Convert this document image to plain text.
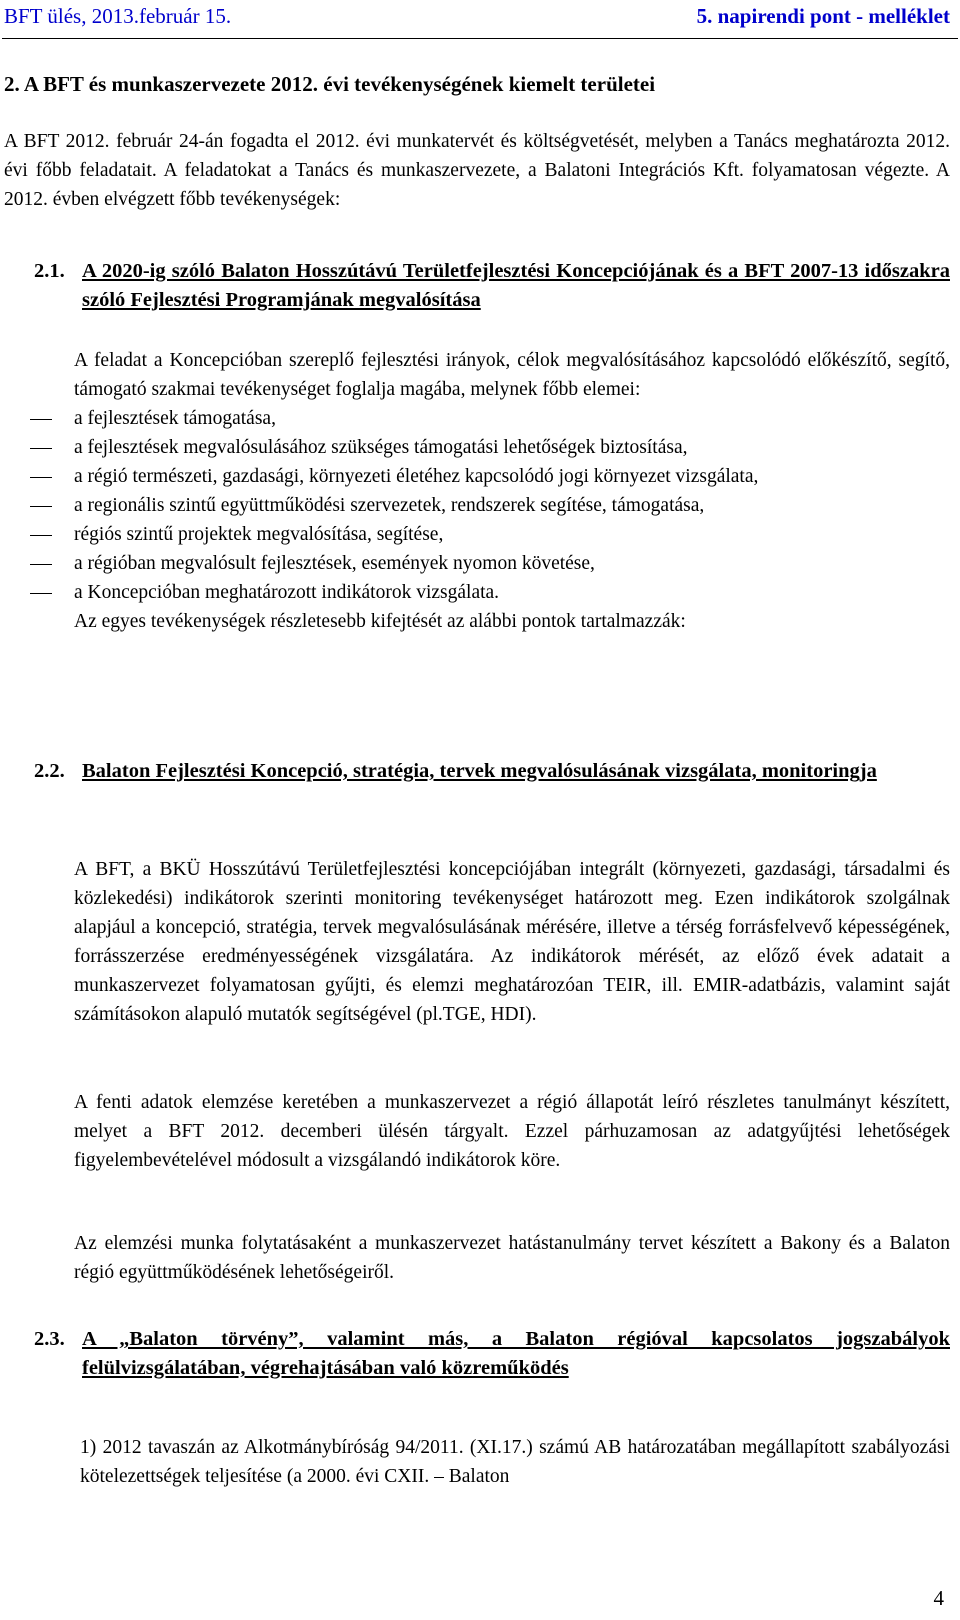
BFT ülés, 2013.február 15.	5. napirendi pont - melléklet
2. A BFT és munkaszervezete 2012. évi tevékenységének kiemelt területei
A BFT 2012. február 24-án fogadta el 2012. évi munkatervét és költségvetését, melyben a Tanács meghatározta 2012. évi főbb feladatait. A feladatokat a Tanács és munkaszervezete, a Balatoni Integrációs Kft. folyamatosan végezte. A 2012. évben elvégzett főbb tevékenységek:
2.1. A 2020-ig szóló Balaton Hosszútávú Területfejlesztési Koncepciójának és a BFT 2007-13 időszakra szóló Fejlesztési Programjának megvalósítása
A feladat a Koncepcióban szereplő fejlesztési irányok, célok megvalósításához kapcsolódó előkészítő, segítő, támogató szakmai tevékenységet foglalja magába, melynek főbb elemei:
a fejlesztések támogatása,
a fejlesztések megvalósulásához szükséges támogatási lehetőségek biztosítása,
a régió természeti, gazdasági, környezeti életéhez kapcsolódó jogi környezet vizsgálata,
a regionális szintű együttműködési szervezetek, rendszerek segítése, támogatása,
régiós szintű projektek megvalósítása, segítése,
a régióban megvalósult fejlesztések, események nyomon követése,
a Koncepcióban meghatározott indikátorok vizsgálata.
Az egyes tevékenységek részletesebb kifejtését az alábbi pontok tartalmazzák:
2.2. Balaton Fejlesztési Koncepció, stratégia, tervek megvalósulásának vizsgálata, monitoringja
A BFT, a BKÜ Hosszútávú Területfejlesztési koncepciójában integrált (környezeti, gazdasági, társadalmi és közlekedési) indikátorok szerinti monitoring tevékenységet határozott meg. Ezen indikátorok szolgálnak alapjául a koncepció, stratégia, tervek megvalósulásának mérésére, illetve a térség forrásfelvevő képességének, forrásszerzése eredményességének vizsgálatára. Az indikátorok mérését, az előző évek adatait a munkaszervezet folyamatosan gyűjti, és elemzi meghatározóan TEIR, ill. EMIR-adatbázis, valamint saját számításokon alapuló mutatók segítségével (pl.TGE, HDI).
A fenti adatok elemzése keretében a munkaszervezet a régió állapotát leíró részletes tanulmányt készített, melyet a BFT 2012. decemberi ülésén tárgyalt. Ezzel párhuzamosan az adatgyűjtési lehetőségek figyelembevételével módosult a vizsgálandó indikátorok köre.
Az elemzési munka folytatásaként a munkaszervezet hatástanulmány tervet készített a Bakony és a Balaton régió együttműködésének lehetőségeiről.
2.3. A „Balaton törvény”, valamint más, a Balaton régióval kapcsolatos jogszabályok felülvizsgálatában, végrehajtásában való közreműködés
1) 2012 tavaszán az Alkotmánybíróság 94/2011. (XI.17.) számú AB határozatában megállapított szabályozási kötelezettségek teljesítése (a 2000. évi CXII. – Balaton
4
